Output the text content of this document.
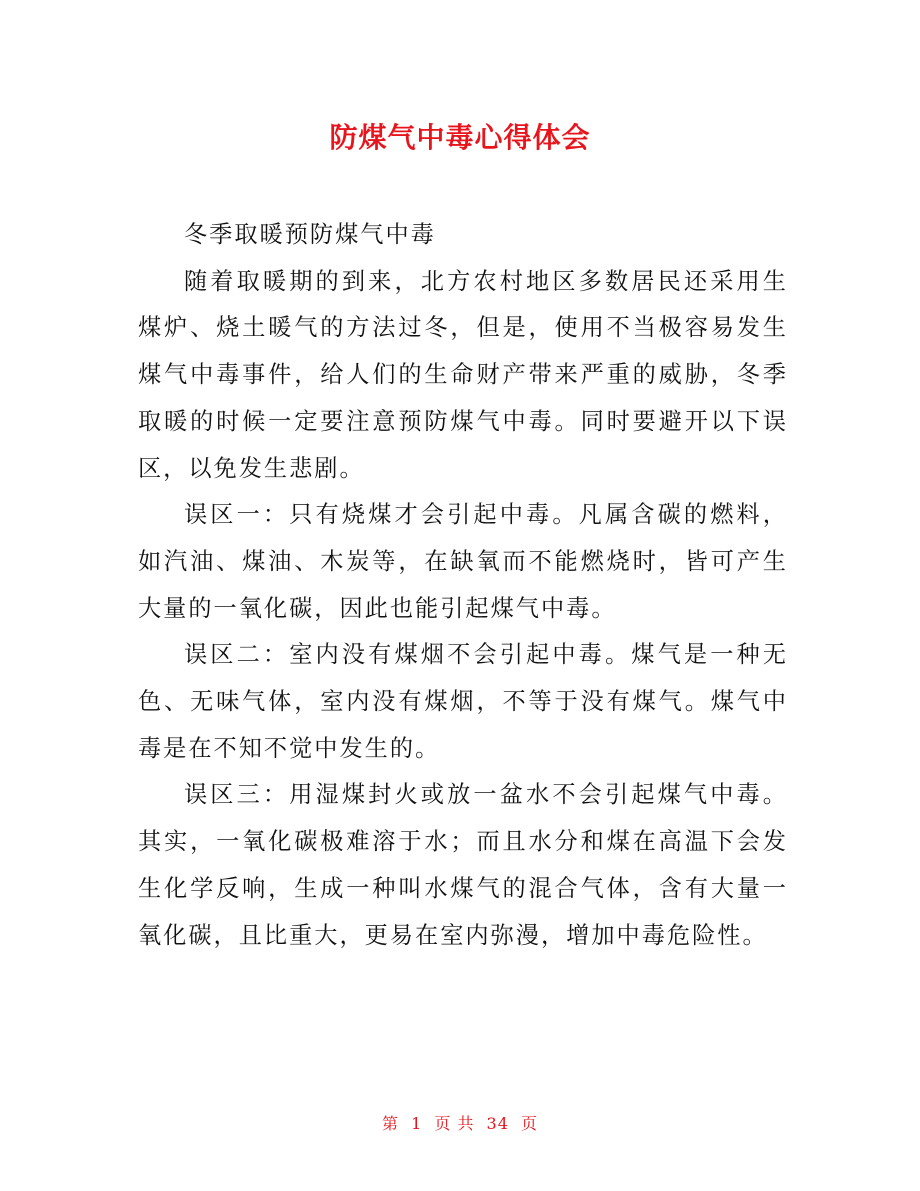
防煤气中毒心得体会

冬季取暖预防煤气中毒

随着取暖期的到来，北方农村地区多数居民还采用生煤炉、烧土暖气的方法过冬，但是，使用不当极容易发生煤气中毒事件，给人们的生命财产带来严重的威胁，冬季取暖的时候一定要注意预防煤气中毒。同时要避开以下误区，以免发生悲剧。

误区一：只有烧煤才会引起中毒。凡属含碳的燃料，如汽油、煤油、木炭等，在缺氧而不能燃烧时，皆可产生大量的一氧化碳，因此也能引起煤气中毒。

误区二：室内没有煤烟不会引起中毒。煤气是一种无色、无味气体，室内没有煤烟，不等于没有煤气。煤气中毒是在不知不觉中发生的。

误区三：用湿煤封火或放一盆水不会引起煤气中毒。其实，一氧化碳极难溶于水；而且水分和煤在高温下会发生化学反响，生成一种叫水煤气的混合气体，含有大量一氧化碳，且比重大，更易在室内弥漫，增加中毒危险性。

第 1 页 共 34 页
